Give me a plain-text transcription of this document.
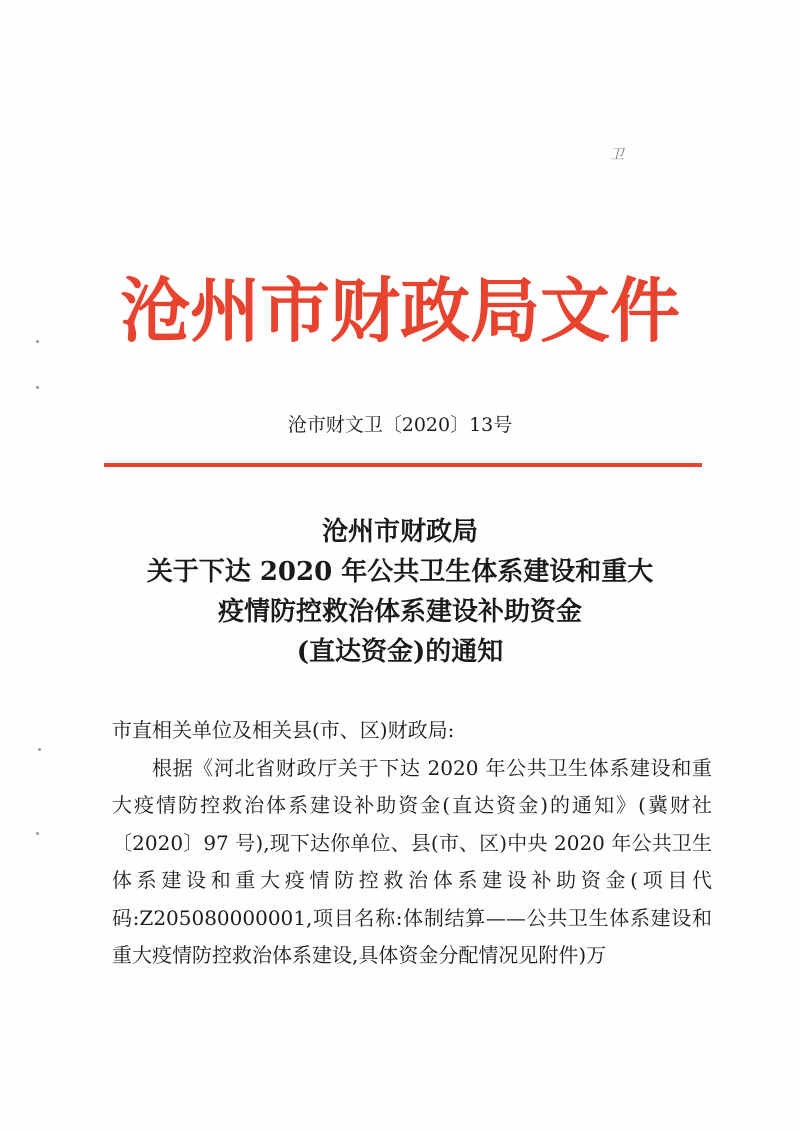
卫
沧州市财政局文件
沧市财文卫〔2020〕13号
沧州市财政局
关于下达 2020 年公共卫生体系建设和重大
疫情防控救治体系建设补助资金
(直达资金)的通知

市直相关单位及相关县(市、区)财政局:

根据《河北省财政厅关于下达 2020 年公共卫生体系建设和重大疫情防控救治体系建设补助资金(直达资金)的通知》(冀财社〔2020〕97 号),现下达你单位、县(市、区)中央 2020 年公共卫生体系建设和重大疫情防控救治体系建设补助资金(项目代码:Z205080000001,项目名称:体制结算——公共卫生体系建设和重大疫情防控救治体系建设,具体资金分配情况见附件)万
